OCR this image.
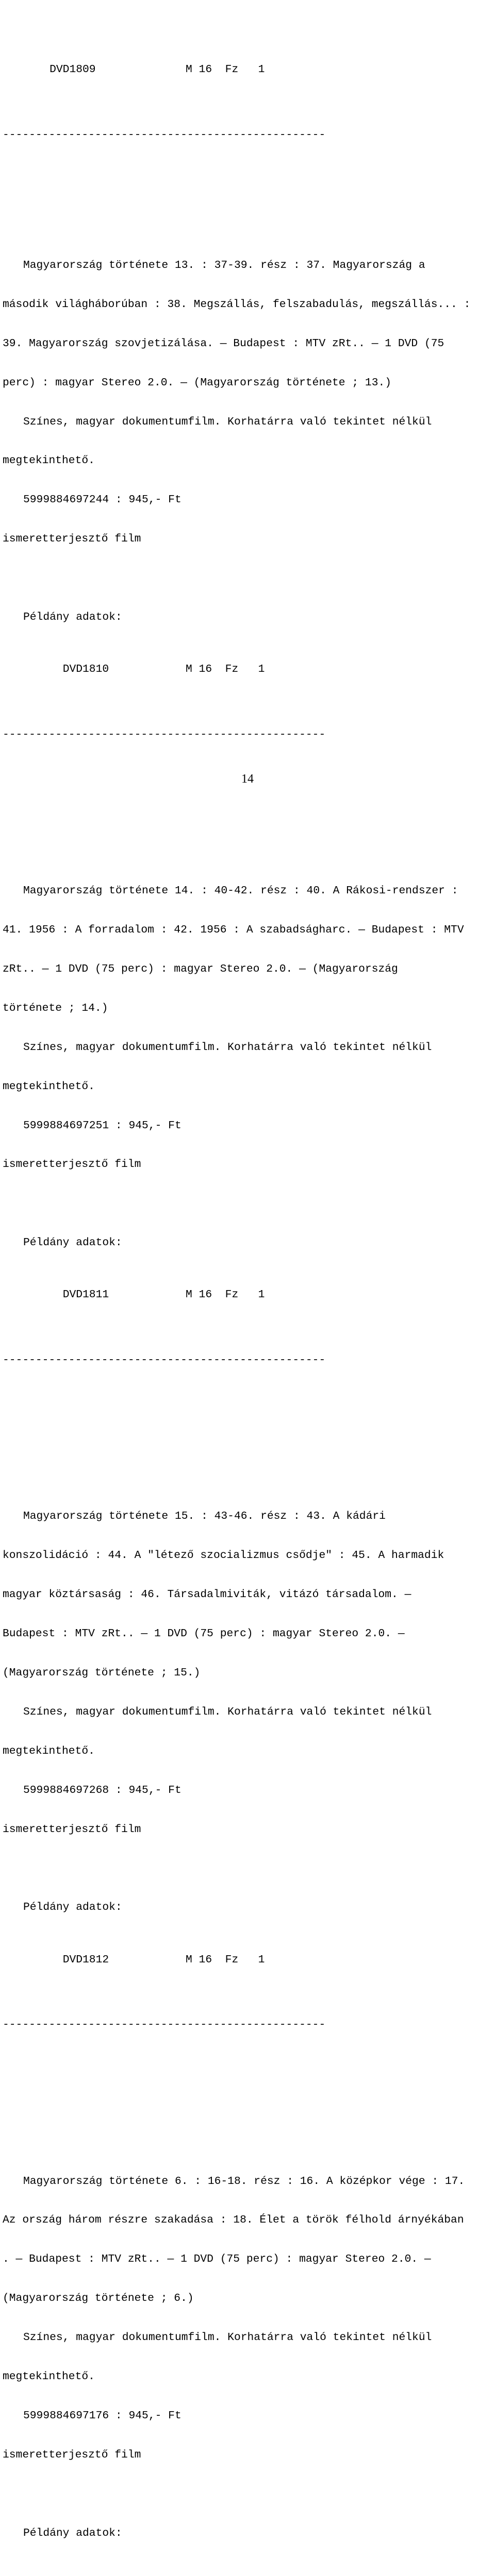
DVD1809	M 16  Fz   1

-------------------------------------------------

Magyarország története 13. : 37-39. rész : 37. Magyarország a

második világháborúban : 38. Megszállás, felszabadulás, megszállás... :

39. Magyarország szovjetizálása. — Budapest : MTV zRt.. — 1 DVD (75

perc) : magyar Stereo 2.0. — (Magyarország története ; 13.)

Színes, magyar dokumentumfilm. Korhatárra való tekintet nélkül

megtekinthető.

5999884697244 : 945,- Ft

ismeretterjesztő film

Példány adatok:

DVD1810	M 16  Fz   1

-------------------------------------------------

Magyarország története 14. : 40-42. rész : 40. A Rákosi-rendszer :

41. 1956 : A forradalom : 42. 1956 : A szabadságharc. — Budapest : MTV

zRt.. — 1 DVD (75 perc) : magyar Stereo 2.0. — (Magyarország

története ; 14.)

Színes, magyar dokumentumfilm. Korhatárra való tekintet nélkül

megtekinthető.

5999884697251 : 945,- Ft

ismeretterjesztő film

Példány adatok:

DVD1811	M 16  Fz   1

-------------------------------------------------

Magyarország története 15. : 43-46. rész : 43. A kádári

konszolidáció : 44. A "létező szocializmus csődje" : 45. A harmadik

magyar köztársaság : 46. Társadalmiviták, vitázó társadalom. —

Budapest : MTV zRt.. — 1 DVD (75 perc) : magyar Stereo 2.0. —

(Magyarország története ; 15.)

Színes, magyar dokumentumfilm. Korhatárra való tekintet nélkül

megtekinthető.

5999884697268 : 945,- Ft

ismeretterjesztő film

Példány adatok:

DVD1812	M 16  Fz   1

-------------------------------------------------

Magyarország története 6. : 16-18. rész : 16. A középkor vége : 17.

Az ország három részre szakadása : 18. Élet a török félhold árnyékában

. — Budapest : MTV zRt.. — 1 DVD (75 perc) : magyar Stereo 2.0. —

(Magyarország története ; 6.)

Színes, magyar dokumentumfilm. Korhatárra való tekintet nélkül

megtekinthető.

5999884697176 : 945,- Ft

ismeretterjesztő film

Példány adatok:

14
